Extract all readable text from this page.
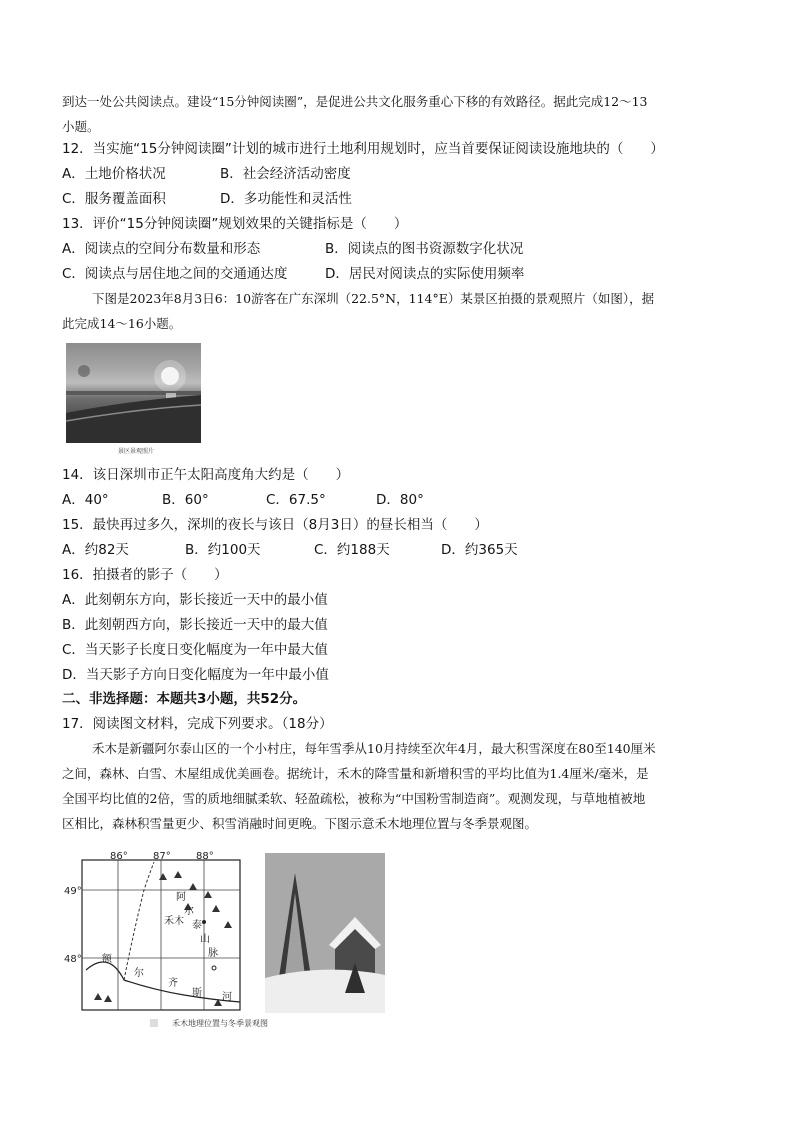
到达一处公共阅读点。建设“15分钟阅读圈”，是促进公共文化服务重心下移的有效路径。据此完成12～13
小题。
12．当实施“15分钟阅读圈”计划的城市进行土地利用规划时，应当首要保证阅读设施地块的（　　）
A．土地价格状况	B．社会经济活动密度
C．服务覆盖面积	D．多功能性和灵活性
13．评价“15分钟阅读圈”规划效果的关键指标是（　　）
A．阅读点的空间分布数量和形态	B．阅读点的图书资源数字化状况
C．阅读点与居住地之间的交通通达度	D．居民对阅读点的实际使用频率
下图是2023年8月3日6：10游客在广东深圳（22.5°N，114°E）某景区拍摄的景观照片（如图），据
此完成14～16小题。
景区景观照片
14．该日深圳市正午太阳高度角大约是（　　）
A．40°	B．60°	C．67.5°	D．80°
15．最快再过多久，深圳的夜长与该日（8月3日）的昼长相当（　　）
A．约82天	B．约100天	C．约188天	D．约365天
16．拍摄者的影子（　　）
A．此刻朝东方向，影长接近一天中的最小值
B．此刻朝西方向，影长接近一天中的最大值
C．当天影子长度日变化幅度为一年中最大值
D．当天影子方向日变化幅度为一年中最小值
二、非选择题：本题共3小题，共52分。
17．阅读图文材料，完成下列要求。（18分）
禾木是新疆阿尔泰山区的一个小村庄，每年雪季从10月持续至次年4月，最大积雪深度在80至140厘米
之间，森林、白雪、木屋组成优美画卷。据统计，禾木的降雪量和新增积雪的平均比值为1.4厘米/毫米，是
全国平均比值的2倍，雪的质地细腻柔软、轻盈疏松，被称为“中国粉雪制造商”。观测发现，与草地植被地
区相比，森林积雪量更少、积雪消融时间更晚。下图示意禾木地理位置与冬季景观图。
86°	87°	88°
49°
48°
阿
尔
泰
山
脉
禾木
额
尔
齐
斯 河
禾木地理位置与冬季景观图
